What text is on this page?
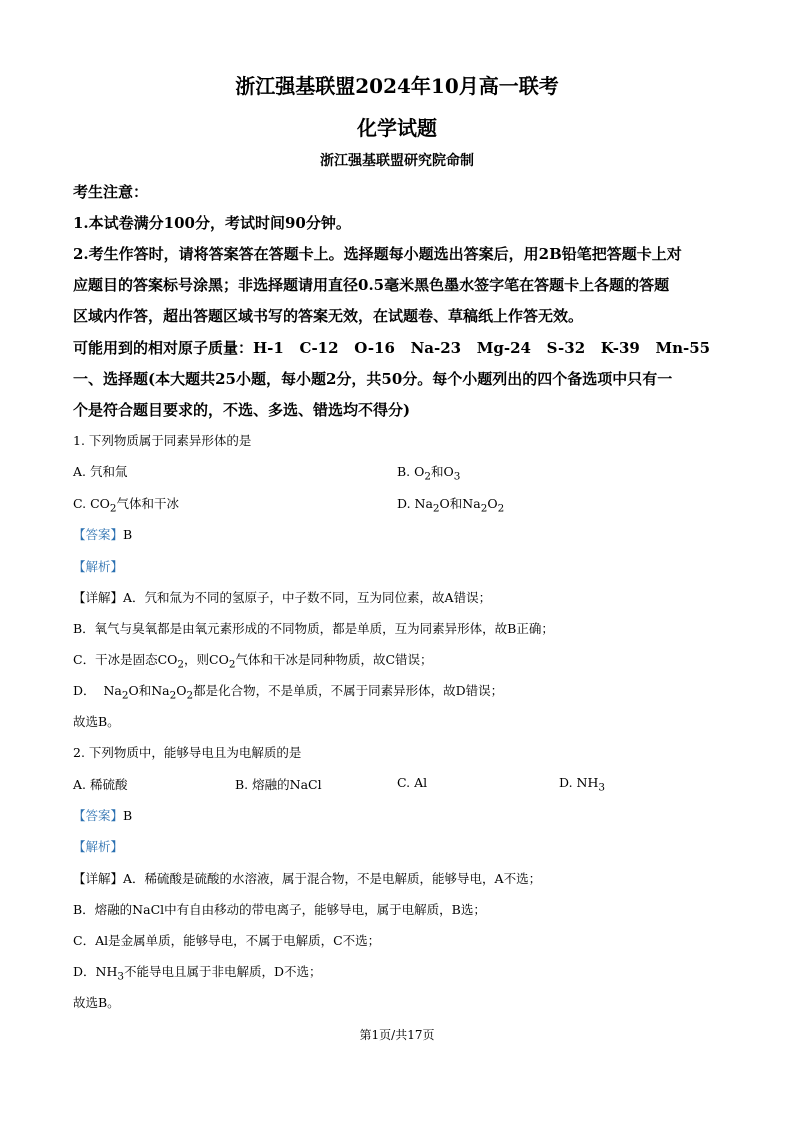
浙江强基联盟2024年10月高一联考
化学试题
浙江强基联盟研究院命制
考生注意：
1.本试卷满分100分，考试时间90分钟。
2.考生作答时，请将答案答在答题卡上。选择题每小题选出答案后，用2B铅笔把答题卡上对
应题目的答案标号涂黑；非选择题请用直径0.5毫米黑色墨水签字笔在答题卡上各题的答题
区域内作答，超出答题区域书写的答案无效，在试题卷、草稿纸上作答无效。
可能用到的相对原子质量：H-1   C-12   O-16   Na-23   Mg-24   S-32   K-39   Mn-55
一、选择题(本大题共25小题，每小题2分，共50分。每个小题列出的四个备选项中只有一
个是符合题目要求的，不选、多选、错选均不得分)
1. 下列物质属于同素异形体的是
A. 氕和氚	B. $O_2$和$O_3$
C. $CO_2$气体和干冰	D. $Na_2O$和$Na_2O_2$
【答案】B
【解析】
【详解】A．氕和氚为不同的氢原子，中子数不同，互为同位素，故A错误；
B．氧气与臭氧都是由氧元素形成的不同物质，都是单质，互为同素异形体，故B正确；
C．干冰是固态$CO_2$，则$CO_2$气体和干冰是同种物质，故C错误；
D．  $Na_2O$和$Na_2O_2$都是化合物，不是单质，不属于同素异形体，故D错误；
故选B。
2. 下列物质中，能够导电且为电解质的是
A. 稀硫酸	B. 熔融的NaCl	C. Al	D. $NH_3$
【答案】B
【解析】
【详解】A．稀硫酸是硫酸的水溶液，属于混合物，不是电解质，能够导电，A不选；
B．熔融的NaCl中有自由移动的带电离子，能够导电，属于电解质，B选；
C．Al是金属单质，能够导电，不属于电解质，C不选；
D．$NH_3$不能导电且属于非电解质，D不选；
故选B。
第1页/共17页
